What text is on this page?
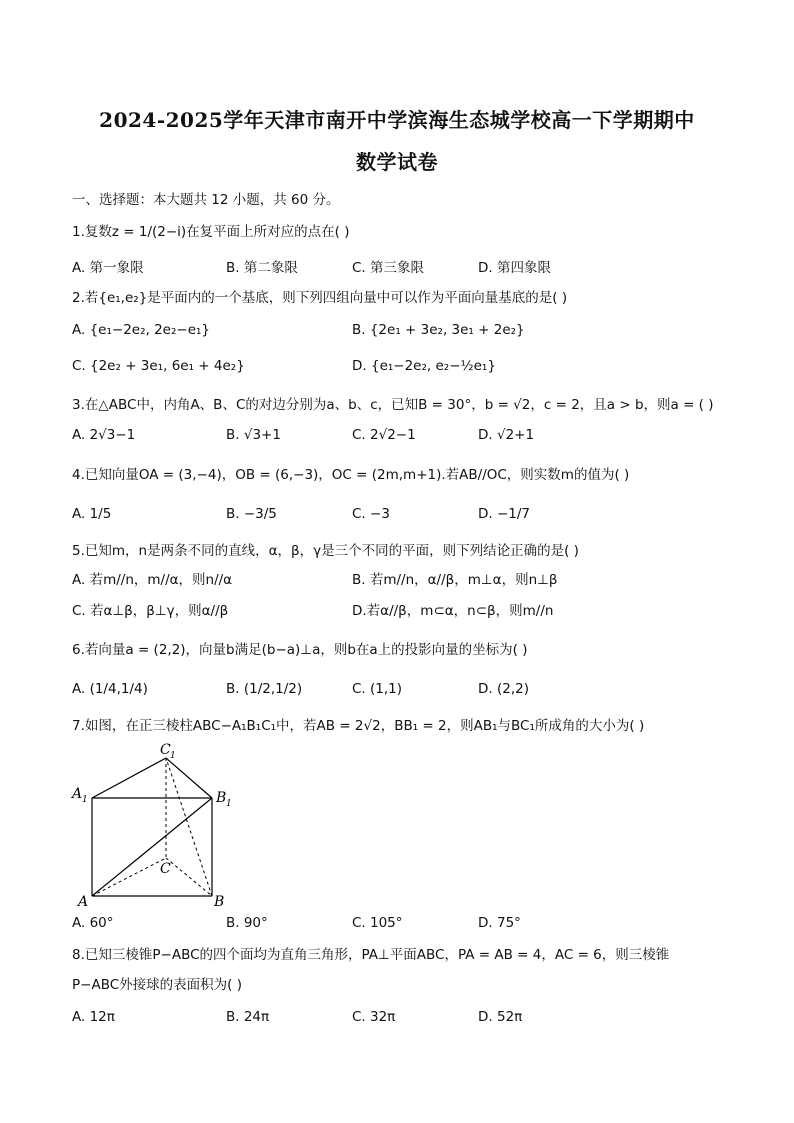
2024-2025学年天津市南开中学滨海生态城学校高一下学期期中
数学试卷
一、选择题：本大题共 12 小题，共 60 分。
1.复数z = 1/(2−i)在复平面上所对应的点在( )
A. 第一象限	B. 第二象限	C. 第三象限	D. 第四象限
2.若{e₁,e₂}是平面内的一个基底，则下列四组向量中可以作为平面向量基底的是( )
A. {e₁−2e₂, 2e₂−e₁}	B. {2e₁ + 3e₂, 3e₁ + 2e₂}
C. {2e₂ + 3e₁, 6e₁ + 4e₂}	D. {e₁−2e₂, e₂−½e₁}
3.在△ABC中，内角A、B、C的对边分别为a、b、c，已知B = 30°，b = √2，c = 2，且a > b，则a = ( )
A. 2√3−1	B. √3+1	C. 2√2−1	D. √2+1
4.已知向量OA = (3,−4)，OB = (6,−3)，OC = (2m,m+1).若AB//OC，则实数m的值为( )
A. 1/5	B. −3/5	C. −3	D. −1/7
5.已知m，n是两条不同的直线，α，β，γ是三个不同的平面，则下列结论正确的是( )
A. 若m//n，m//α，则n//α	B. 若m//n，α//β，m⊥α，则n⊥β
C. 若α⊥β，β⊥γ，则α//β	D.若α//β，m⊂α，n⊂β，则m//n
6.若向量a = (2,2)，向量b满足(b−a)⊥a，则b在a上的投影向量的坐标为( )
A. (1/4,1/4)	B. (1/2,1/2)	C. (1,1)	D. (2,2)
7.如图，在正三棱柱ABC−A₁B₁C₁中，若AB = 2√2，BB₁ = 2，则AB₁与BC₁所成角的大小为( )
C 1
A 1	B 1
C
A	B
A. 60°	B. 90°	C. 105°	D. 75°
8.已知三棱锥P−ABC的四个面均为直角三角形，PA⊥平面ABC，PA = AB = 4，AC = 6，则三棱锥
P−ABC外接球的表面积为( )
A. 12π	B. 24π	C. 32π	D. 52π
